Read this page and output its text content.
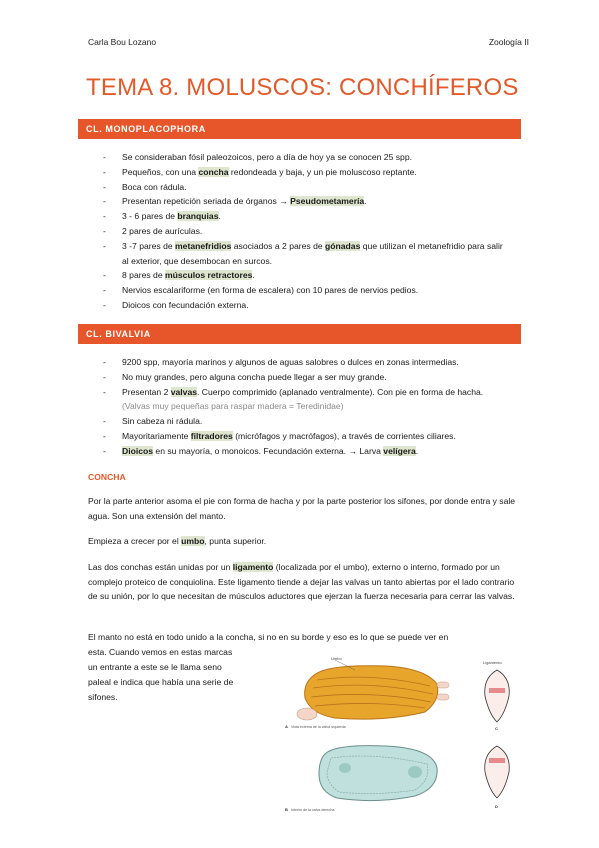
Carla Bou Lozano	Zoología II
TEMA 8. MOLUSCOS: CONCHÍFEROS
CL. MONOPLACOPHORA
- Se consideraban fósil paleozoicos, pero a día de hoy ya se conocen 25 spp.
- Pequeños, con una concha redondeada y baja, y un pie moluscoso reptante.
- Boca con rádula.
- Presentan repetición seriada de órganos → Pseudometamería.
- 3 - 6 pares de branquias.
- 2 pares de aurículas.
- 3 -7 pares de metanefridios asociados a 2 pares de gónadas que utilizan el metanefridio para salir al exterior, que desembocan en surcos.
- 8 pares de músculos retractores.
- Nervios escalariforme (en forma de escalera) con 10 pares de nervios pedios.
- Dioicos con fecundación externa.
CL. BIVALVIA
- 9200 spp, mayoría marinos y algunos de aguas salobres o dulces en zonas intermedias.
- No muy grandes, pero alguna concha puede llegar a ser muy grande.
- Presentan 2 valvas. Cuerpo comprimido (aplanado ventralmente). Con pie en forma de hacha. (Valvas muy pequeñas para raspar madera = Teredinidae)
- Sin cabeza ni rádula.
- Mayoritariamente filtradores (micrófagos y macrófagos), a través de corrientes ciliares.
- Dioicos en su mayoría, o monoicos. Fecundación externa. → Larva velígera.
CONCHA

Por la parte anterior asoma el pie con forma de hacha y por la parte posterior los sifones, por donde entra y sale agua. Son una extensión del manto.

Empieza a crecer por el umbo, punta superior.

Las dos conchas están unidas por un ligamento (localizada por el umbo), externo o interno, formado por un complejo proteico de conquiolina. Este ligamento tiende a dejar las valvas un tanto abiertas por el lado contrario de su unión, por lo que necesitan de músculos aductores que ejerzan la fuerza necesaria para cerrar las valvas.

El manto no está en todo unido a la concha, si no en su borde y eso es lo que se puede ver en

esta. Cuando vemos en estas marcas

un entrante a este se le llama seno

paleal e indica que había una serie de

sifones.

Umbo
A Vista externa de la valva izquierda
B Interior de la valva derecha
Ligamento
C
D
